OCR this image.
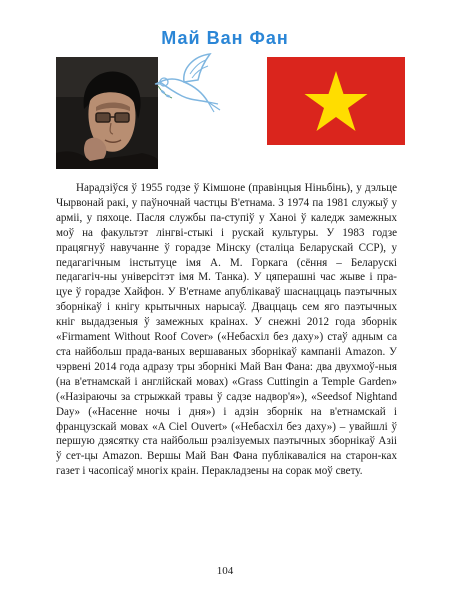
Май Ван Фан

Нарадзіўся ў 1955 годзе ў Кімшоне (правінцыя Ніньбінь), у дэльце Чырвонай ракі, у паўночнай частцы В'етнама. З 1974 па 1981 служыў у арміі, у пяхоце. Пасля службы па-ступіў у Ханоі ў каледж замежных моў на факультэт лінгві-стыкі і рускай культуры. У 1983 годзе працягнуў навучанне ў горадзе Мінску (сталіца Беларускай ССР), у педагагічным інстытуце імя А. М. Горкага (сёння – Беларускі педагагіч-ны універсітэт імя М. Танка). У цяперашні час жыве і пра-цуе ў горадзе Хайфон. У В'етнаме апублікаваў шаснаццаць паэтычных зборнікаў і кнігу крытычных нарысаў. Дваццаць сем яго паэтычных кніг выдадзеныя ў замежных краінах. У снежні 2012 года зборнік «Firmament Without Roof Cover» («Небасхіл без даху») стаў адным са ста найбольш прада-ваных вершаваных зборнікаў кампаніі Amazon. У чэрвені 2014 года адразу тры зборнікі Май Ван Фана: два двухмоў-ныя (на в'етнамскай і англійскай мовах) «Grass Cuttingin a Temple Garden» («Назіраючы за стрыжкай травы ў садзе надвор'я»), «Seedsof Nightand Day» («Насенне ночы і дня») і адзін зборнік на в'етнамскай і французскай мовах «A Ciel Ouvert» («Небасхіл без даху») – увайшлі ў першую дзясятку ста найбольш рэалізуемых паэтычных зборнікаў Азіі ў сет-цы Amazon. Вершы Май Ван Фана публікаваліся на старон-ках газет і часопісаў многіх краін. Перакладзены на сорак моў свету.

104
